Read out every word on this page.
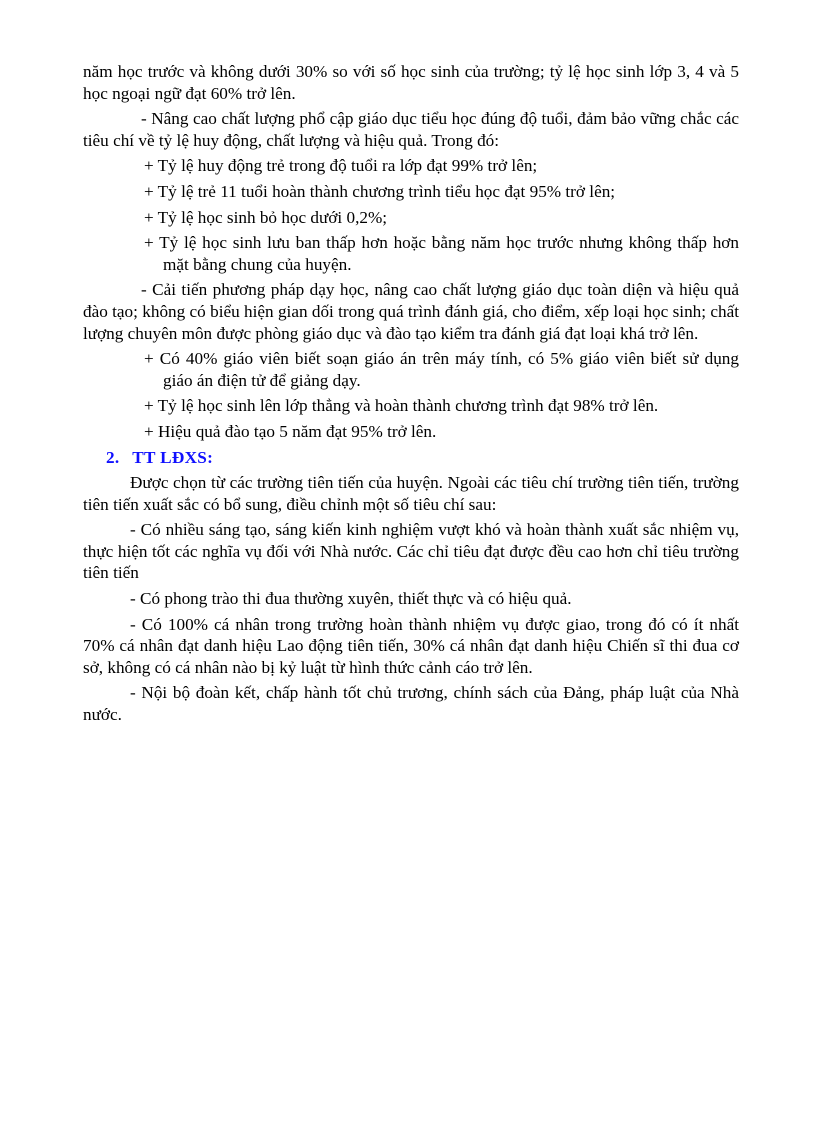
năm học trước và không dưới 30% so với số học sinh của trường; tỷ lệ học sinh lớp 3, 4 và 5 học ngoại ngữ đạt 60% trở lên.

- Nâng cao chất lượng phổ cập giáo dục tiểu học đúng độ tuổi, đảm bảo vững chắc các tiêu chí về tỷ lệ huy động, chất lượng và hiệu quả. Trong đó:

+ Tỷ lệ huy động trẻ trong độ tuổi ra lớp đạt 99% trở lên;

+ Tỷ lệ trẻ 11 tuổi hoàn thành chương trình tiểu học đạt 95% trở lên;

+ Tỷ lệ học sinh bỏ học dưới 0,2%;

+ Tỷ lệ học sinh lưu ban thấp hơn hoặc bằng năm học trước nhưng không thấp hơn mặt bằng chung của huyện.

- Cải tiến phương pháp dạy học, nâng cao chất lượng giáo dục toàn diện và hiệu quả đào tạo; không có biểu hiện gian dối trong quá trình đánh giá, cho điểm, xếp loại học sinh; chất lượng chuyên môn được phòng giáo dục và đào tạo kiểm tra đánh giá đạt loại khá trở lên.

+ Có 40% giáo viên biết soạn giáo án trên máy tính, có 5% giáo viên biết sử dụng giáo án điện tử để giảng dạy.

+ Tỷ lệ học sinh lên lớp thẳng và hoàn thành chương trình đạt 98% trở lên.

+ Hiệu quả đào tạo 5 năm đạt 95% trở lên.

2. TT LĐXS:

Được chọn từ các trường tiên tiến của huyện. Ngoài các tiêu chí trường tiên tiến, trường tiên tiến xuất sắc có bổ sung, điều chỉnh một số tiêu chí sau:

- Có nhiều sáng tạo, sáng kiến kinh nghiệm vượt khó và hoàn thành xuất sắc nhiệm vụ, thực hiện tốt các nghĩa vụ đối với Nhà nước. Các chỉ tiêu đạt được đều cao hơn chỉ tiêu trường tiên tiến

- Có phong trào thi đua thường xuyên, thiết thực và có hiệu quả.

- Có 100% cá nhân trong trường hoàn thành nhiệm vụ được giao, trong đó có ít nhất 70% cá nhân đạt danh hiệu Lao động tiên tiến, 30% cá nhân đạt danh hiệu Chiến sĩ thi đua cơ sở, không có cá nhân nào bị kỷ luật từ hình thức cảnh cáo trở lên.

- Nội bộ đoàn kết, chấp hành tốt chủ trương, chính sách của Đảng, pháp luật của Nhà nước.
